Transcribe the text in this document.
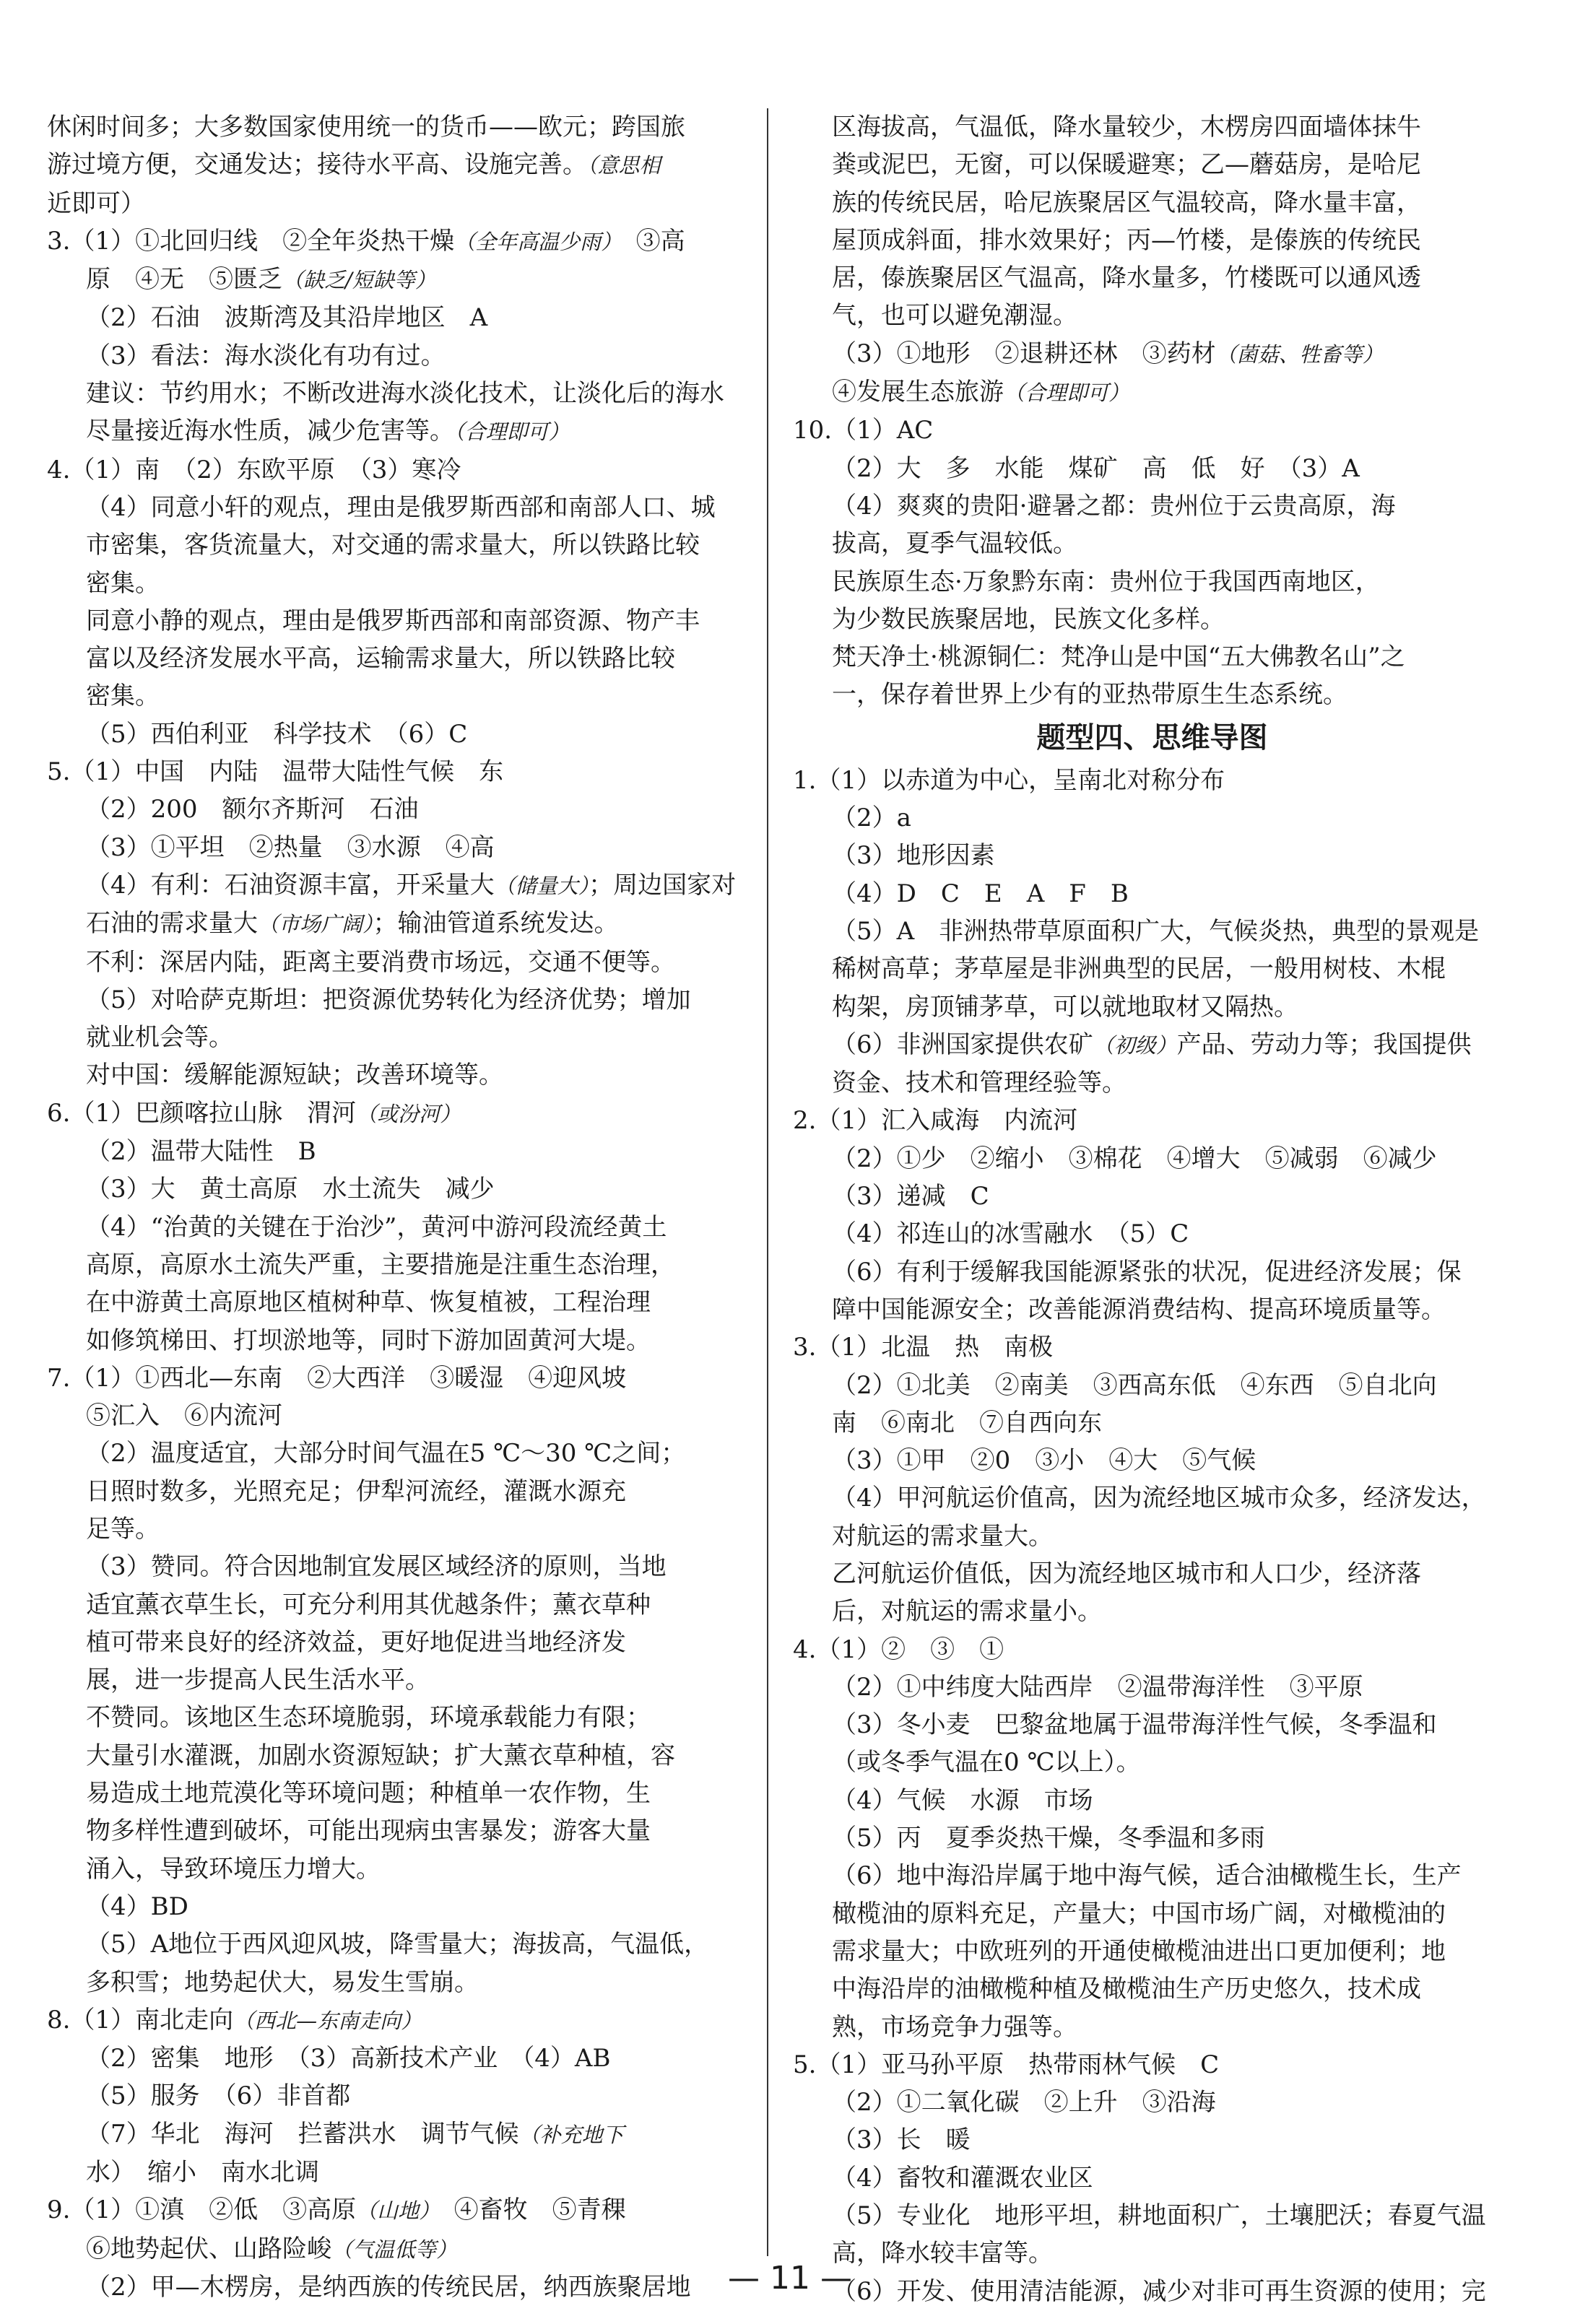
休闲时间多；大多数国家使用统一的货币——欧元；跨国旅
游过境方便，交通发达；接待水平高、设施完善。（意思相
近即可）
3.（1）①北回归线　②全年炎热干燥（全年高温少雨）　③高
原　④无　⑤匮乏（缺乏/短缺等）
（2）石油　波斯湾及其沿岸地区　A
（3）看法：海水淡化有功有过。
建议：节约用水；不断改进海水淡化技术，让淡化后的海水
尽量接近海水性质，减少危害等。（合理即可）
4.（1）南　（2）东欧平原　（3）寒冷
（4）同意小轩的观点，理由是俄罗斯西部和南部人口、城
市密集，客货流量大，对交通的需求量大，所以铁路比较
密集。
同意小静的观点，理由是俄罗斯西部和南部资源、物产丰
富以及经济发展水平高，运输需求量大，所以铁路比较
密集。
（5）西伯利亚　科学技术　（6）C
5.（1）中国　内陆　温带大陆性气候　东
（2）200　额尔齐斯河　石油
（3）①平坦　②热量　③水源　④高
（4）有利：石油资源丰富，开采量大（储量大）；周边国家对
石油的需求量大（市场广阔）；输油管道系统发达。
不利：深居内陆，距离主要消费市场远，交通不便等。
（5）对哈萨克斯坦：把资源优势转化为经济优势；增加
就业机会等。
对中国：缓解能源短缺；改善环境等。
6.（1）巴颜喀拉山脉　渭河（或汾河）
（2）温带大陆性　B
（3）大　黄土高原　水土流失　减少
（4）“治黄的关键在于治沙”，黄河中游河段流经黄土
高原，高原水土流失严重，主要措施是注重生态治理，
在中游黄土高原地区植树种草、恢复植被，工程治理
如修筑梯田、打坝淤地等，同时下游加固黄河大堤。
7.（1）①西北—东南　②大西洋　③暖湿　④迎风坡
⑤汇入　⑥内流河
（2）温度适宜，大部分时间气温在5 ℃～30 ℃之间；
日照时数多，光照充足；伊犁河流经，灌溉水源充
足等。
（3）赞同。符合因地制宜发展区域经济的原则，当地
适宜薰衣草生长，可充分利用其优越条件；薰衣草种
植可带来良好的经济效益，更好地促进当地经济发
展，进一步提高人民生活水平。
不赞同。该地区生态环境脆弱，环境承载能力有限；
大量引水灌溉，加剧水资源短缺；扩大薰衣草种植，容
易造成土地荒漠化等环境问题；种植单一农作物，生
物多样性遭到破坏，可能出现病虫害暴发；游客大量
涌入，导致环境压力增大。
（4）BD
（5）A地位于西风迎风坡，降雪量大；海拔高，气温低，
多积雪；地势起伏大，易发生雪崩。
8.（1）南北走向（西北—东南走向）
（2）密集　地形　（3）高新技术产业　（4）AB
（5）服务　（6）非首都
（7）华北　海河　拦蓄洪水　调节气候（补充地下
水）　缩小　南水北调
9.（1）①滇　②低　③高原（山地）　④畜牧　⑤青稞
⑥地势起伏、山路险峻（气温低等）
（2）甲—木楞房，是纳西族的传统民居，纳西族聚居地
区海拔高，气温低，降水量较少，木楞房四面墙体抹牛
粪或泥巴，无窗，可以保暖避寒；乙—蘑菇房，是哈尼
族的传统民居，哈尼族聚居区气温较高，降水量丰富，
屋顶成斜面，排水效果好；丙—竹楼，是傣族的传统民
居，傣族聚居区气温高，降水量多，竹楼既可以通风透
气，也可以避免潮湿。
（3）①地形　②退耕还林　③药材（菌菇、牲畜等）
④发展生态旅游（合理即可）
10.（1）AC
（2）大　多　水能　煤矿　高　低　好　（3）A
（4）爽爽的贵阳·避暑之都：贵州位于云贵高原，海
拔高，夏季气温较低。
民族原生态·万象黔东南：贵州位于我国西南地区，
为少数民族聚居地，民族文化多样。
梵天净土·桃源铜仁：梵净山是中国“五大佛教名山”之
一，保存着世界上少有的亚热带原生生态系统。
题型四、思维导图
1.（1）以赤道为中心，呈南北对称分布
（2）a
（3）地形因素
（4）D　C　E　A　F　B
（5）A　非洲热带草原面积广大，气候炎热，典型的景观是
稀树高草；茅草屋是非洲典型的民居，一般用树枝、木棍
构架，房顶铺茅草，可以就地取材又隔热。
（6）非洲国家提供农矿（初级）产品、劳动力等；我国提供
资金、技术和管理经验等。
2.（1）汇入咸海　内流河
（2）①少　②缩小　③棉花　④增大　⑤减弱　⑥减少
（3）递减　C
（4）祁连山的冰雪融水　（5）C
（6）有利于缓解我国能源紧张的状况，促进经济发展；保
障中国能源安全；改善能源消费结构、提高环境质量等。
3.（1）北温　热　南极
（2）①北美　②南美　③西高东低　④东西　⑤自北向
南　⑥南北　⑦自西向东
（3）①甲　②0　③小　④大　⑤气候
（4）甲河航运价值高，因为流经地区城市众多，经济发达，
对航运的需求量大。
乙河航运价值低，因为流经地区城市和人口少，经济落
后，对航运的需求量小。
4.（1）②　③　①
（2）①中纬度大陆西岸　②温带海洋性　③平原
（3）冬小麦　巴黎盆地属于温带海洋性气候，冬季温和
（或冬季气温在0 ℃以上）。
（4）气候　水源　市场
（5）丙　夏季炎热干燥，冬季温和多雨
（6）地中海沿岸属于地中海气候，适合油橄榄生长，生产
橄榄油的原料充足，产量大；中国市场广阔，对橄榄油的
需求量大；中欧班列的开通使橄榄油进出口更加便利；地
中海沿岸的油橄榄种植及橄榄油生产历史悠久，技术成
熟，市场竞争力强等。
5.（1）亚马孙平原　热带雨林气候　C
（2）①二氧化碳　②上升　③沿海
（3）长　暖
（4）畜牧和灌溉农业区
（5）专业化　地形平坦，耕地面积广，土壤肥沃；春夏气温
高，降水较丰富等。
（6）开发、使用清洁能源，减少对非可再生资源的使用；完
— 11 —
